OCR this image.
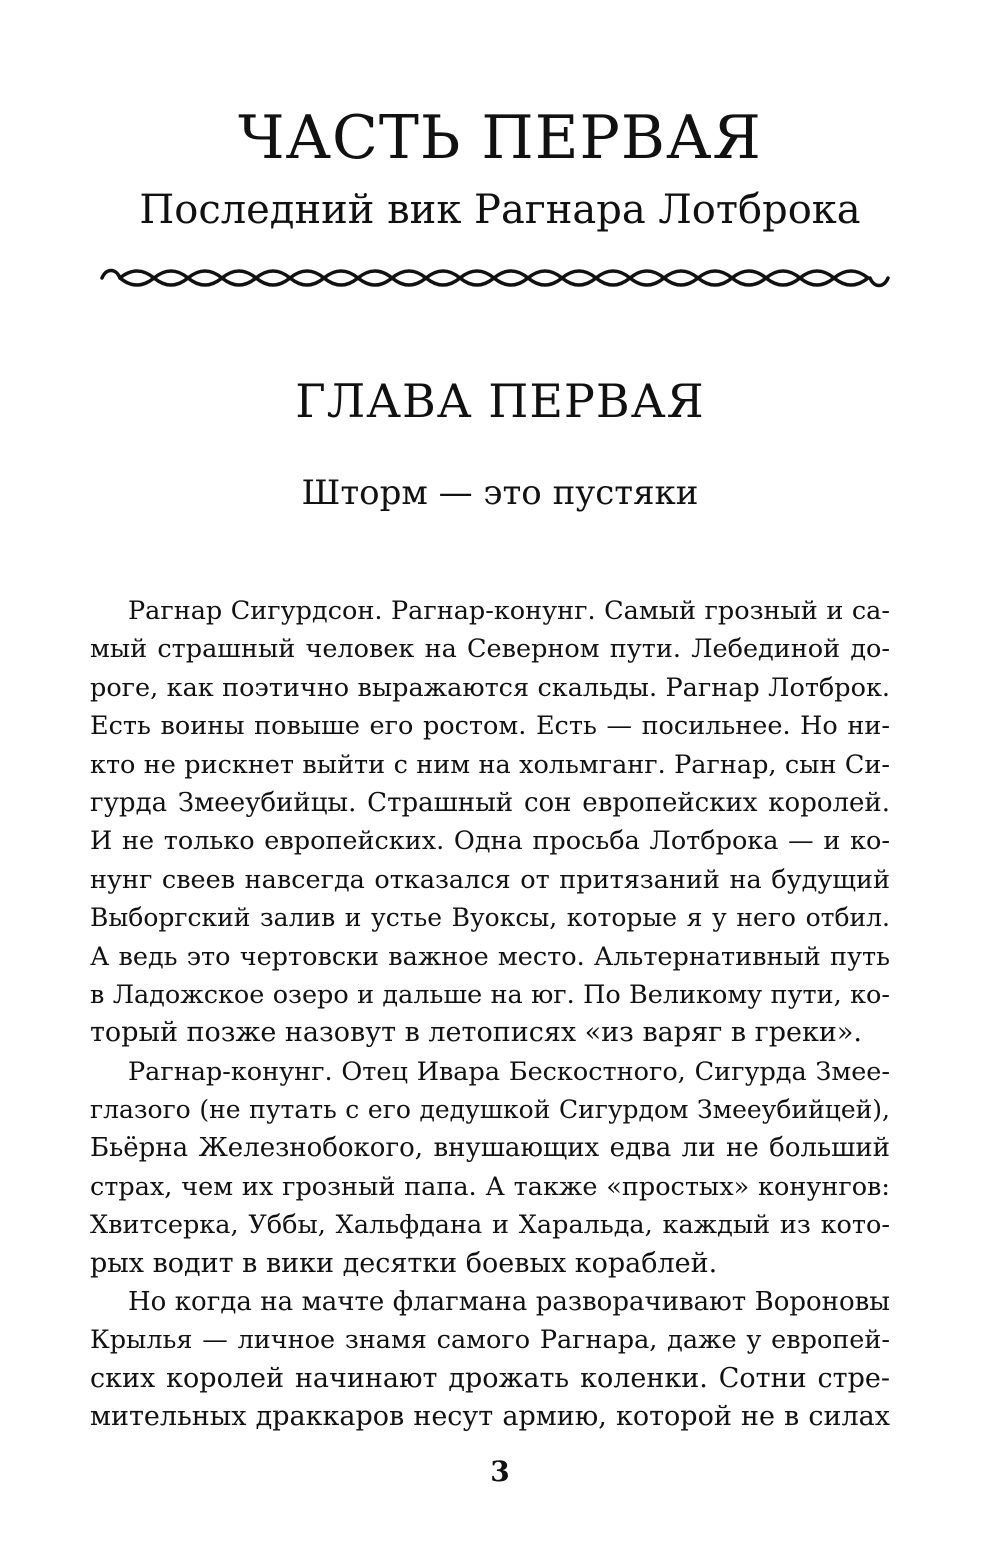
ЧАСТЬ ПЕРВАЯ
Последний вик Рагнара Лотброка
ГЛАВА ПЕРВАЯ
Шторм — это пустяки
Рагнар Сигурдсон. Рагнар-конунг. Самый грозный и са-
мый страшный человек на Северном пути. Лебединой до-
роге, как поэтично выражаются скальды. Рагнар Лотброк.
Есть воины повыше его ростом. Есть — посильнее. Но ни-
кто не рискнет выйти с ним на хольмганг. Рагнар, сын Си-
гурда Змееубийцы. Страшный сон европейских королей.
И не только европейских. Одна просьба Лотброка — и ко-
нунг свеев навсегда отказался от притязаний на будущий
Выборгский залив и устье Вуоксы, которые я у него отбил.
А ведь это чертовски важное место. Альтернативный путь
в Ладожское озеро и дальше на юг. По Великому пути, ко-
торый позже назовут в летописях «из варяг в греки».
Рагнар-конунг. Отец Ивара Бескостного, Сигурда Змее-
глазого (не путать с его дедушкой Сигурдом Змееубийцей),
Бьёрна Железнобокого, внушающих едва ли не больший
страх, чем их грозный папа. А также «простых» конунгов:
Хвитсерка, Уббы, Хальфдана и Харальда, каждый из кото-
рых водит в вики десятки боевых кораблей.
Но когда на мачте флагмана разворачивают Вороновы
Крылья — личное знамя самого Рагнара, даже у европей-
ских королей начинают дрожать коленки. Сотни стре-
мительных драккаров несут армию, которой не в силах
3
